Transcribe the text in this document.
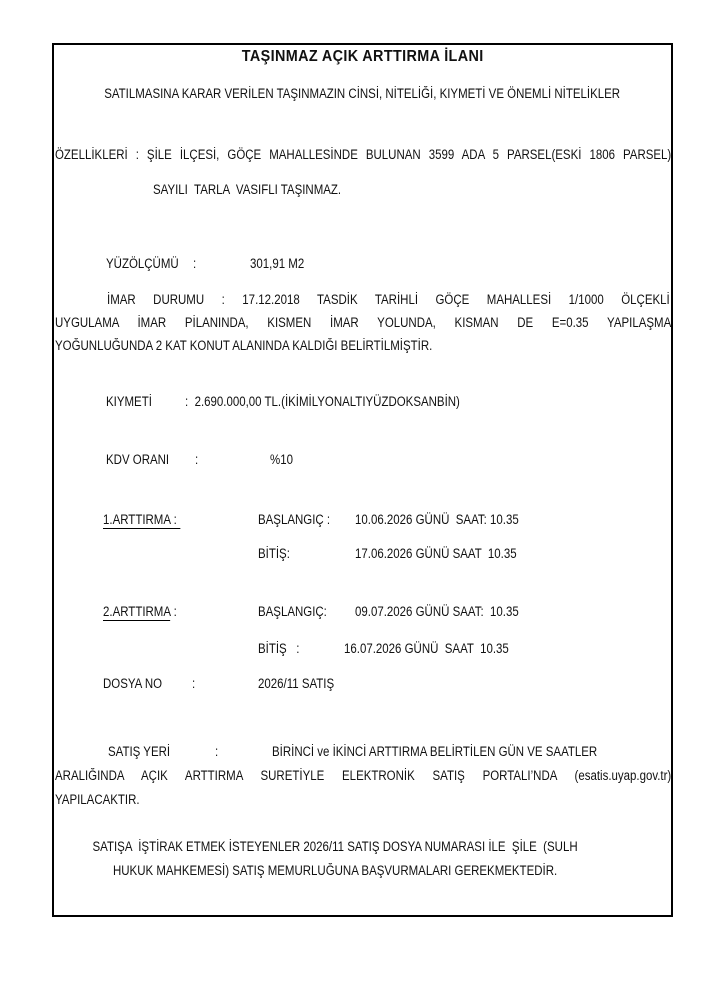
TAŞINMAZ AÇIK ARTTIRMA İLANI
SATILMASINA KARAR VERİLEN TAŞINMAZIN CİNSİ, NİTELİĞİ, KIYMETİ VE ÖNEMLİ NİTELİKLER
ÖZELLİKLERİ : ŞİLE İLÇESİ, GÖÇE MAHALLESİNDE BULUNAN 3599 ADA 5 PARSEL(ESKİ 1806 PARSEL)
SAYILI  TARLA  VASIFLI TAŞINMAZ.
YÜZÖLÇÜMÜ :	301,91 M2
İMAR DURUMU : 17.12.2018 TASDİK TARİHLİ GÖÇE MAHALLESİ 1/1000 ÖLÇEKLİ
UYGULAMA İMAR PİLANINDA, KISMEN İMAR YOLUNDA, KISMAN DE E=0.35 YAPILAŞMA
YOĞUNLUĞUNDA 2 KAT KONUT ALANINDA KALDIĞI BELİRTİLMİŞTİR.
KIYMETİ :  2.690.000,00 TL.(İKİMİLYONALTIYÜZDOKSANBİN)
KDV ORANI :	%10
1.ARTTIRMA :	BAŞLANGIÇ : 10.06.2026 GÜNÜ  SAAT: 10.35
BİTİŞ:	17.06.2026 GÜNÜ SAAT  10.35
2.ARTTIRMA :	BAŞLANGIÇ: 09.07.2026 GÜNÜ SAAT:  10.35
BİTİŞ   :	16.07.2026 GÜNÜ  SAAT  10.35
DOSYA NO :	2026/11 SATIŞ
SATIŞ YERİ	:	BİRİNCİ ve İKİNCİ ARTTIRMA BELİRTİLEN GÜN VE SAATLER
ARALIĞINDA AÇIK ARTTIRMA SURETİYLE ELEKTRONİK SATIŞ PORTALI’NDA (esatis.uyap.gov.tr)
YAPILACAKTIR.
SATIŞA  İŞTİRAK ETMEK İSTEYENLER 2026/11 SATIŞ DOSYA NUMARASI İLE  ŞİLE  (SULH
HUKUK MAHKEMESİ) SATIŞ MEMURLUĞUNA BAŞVURMALARI GEREKMEKTEDİR.
